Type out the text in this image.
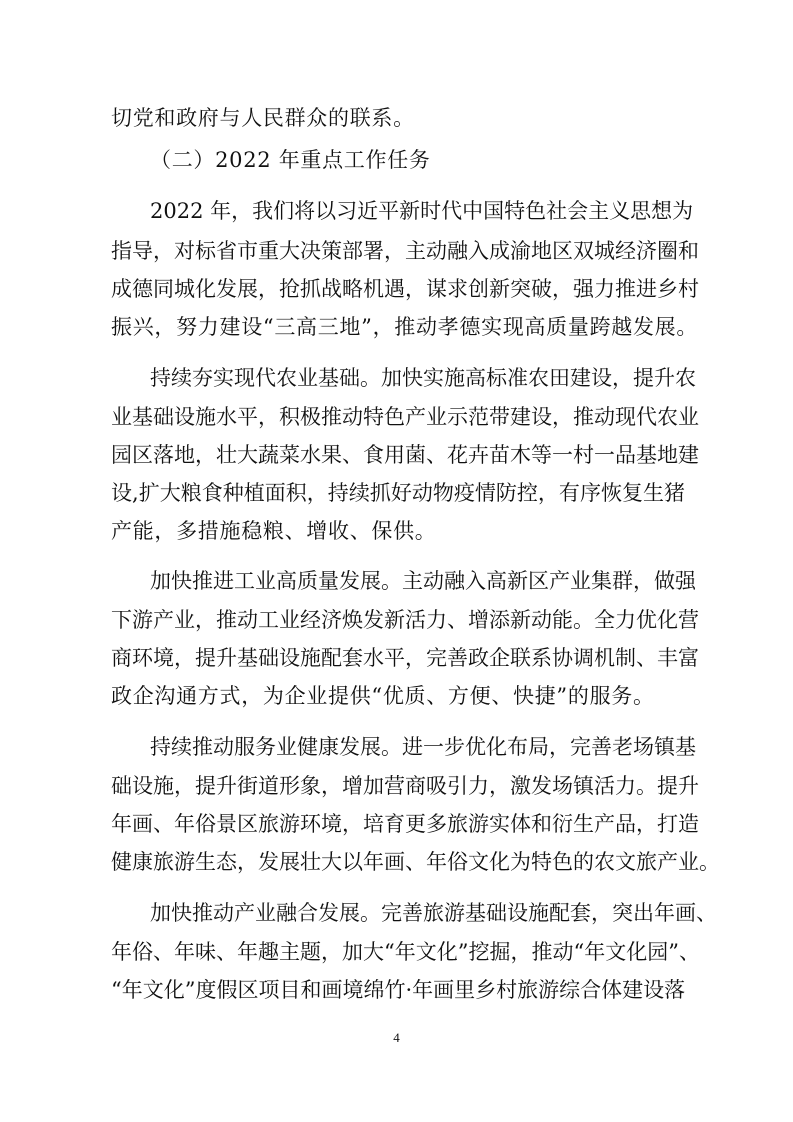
切党和政府与人民群众的联系。
（二）2022 年重点工作任务
2022 年，我们将以习近平新时代中国特色社会主义思想为
指导，对标省市重大决策部署，主动融入成渝地区双城经济圈和
成德同城化发展，抢抓战略机遇，谋求创新突破，强力推进乡村
振兴，努力建设“三高三地”，推动孝德实现高质量跨越发展。
持续夯实现代农业基础。加快实施高标准农田建设，提升农
业基础设施水平，积极推动特色产业示范带建设，推动现代农业
园区落地，壮大蔬菜水果、食用菌、花卉苗木等一村一品基地建
设,扩大粮食种植面积，持续抓好动物疫情防控，有序恢复生猪
产能，多措施稳粮、增收、保供。
加快推进工业高质量发展。主动融入高新区产业集群，做强
下游产业，推动工业经济焕发新活力、增添新动能。全力优化营
商环境，提升基础设施配套水平，完善政企联系协调机制、丰富
政企沟通方式，为企业提供“优质、方便、快捷”的服务。
持续推动服务业健康发展。进一步优化布局，完善老场镇基
础设施，提升街道形象，增加营商吸引力，激发场镇活力。提升
年画、年俗景区旅游环境，培育更多旅游实体和衍生产品，打造
健康旅游生态，发展壮大以年画、年俗文化为特色的农文旅产业。
加快推动产业融合发展。完善旅游基础设施配套，突出年画、
年俗、年味、年趣主题，加大“年文化”挖掘，推动“年文化园”、
“年文化”度假区项目和画境绵竹·年画里乡村旅游综合体建设落
4
